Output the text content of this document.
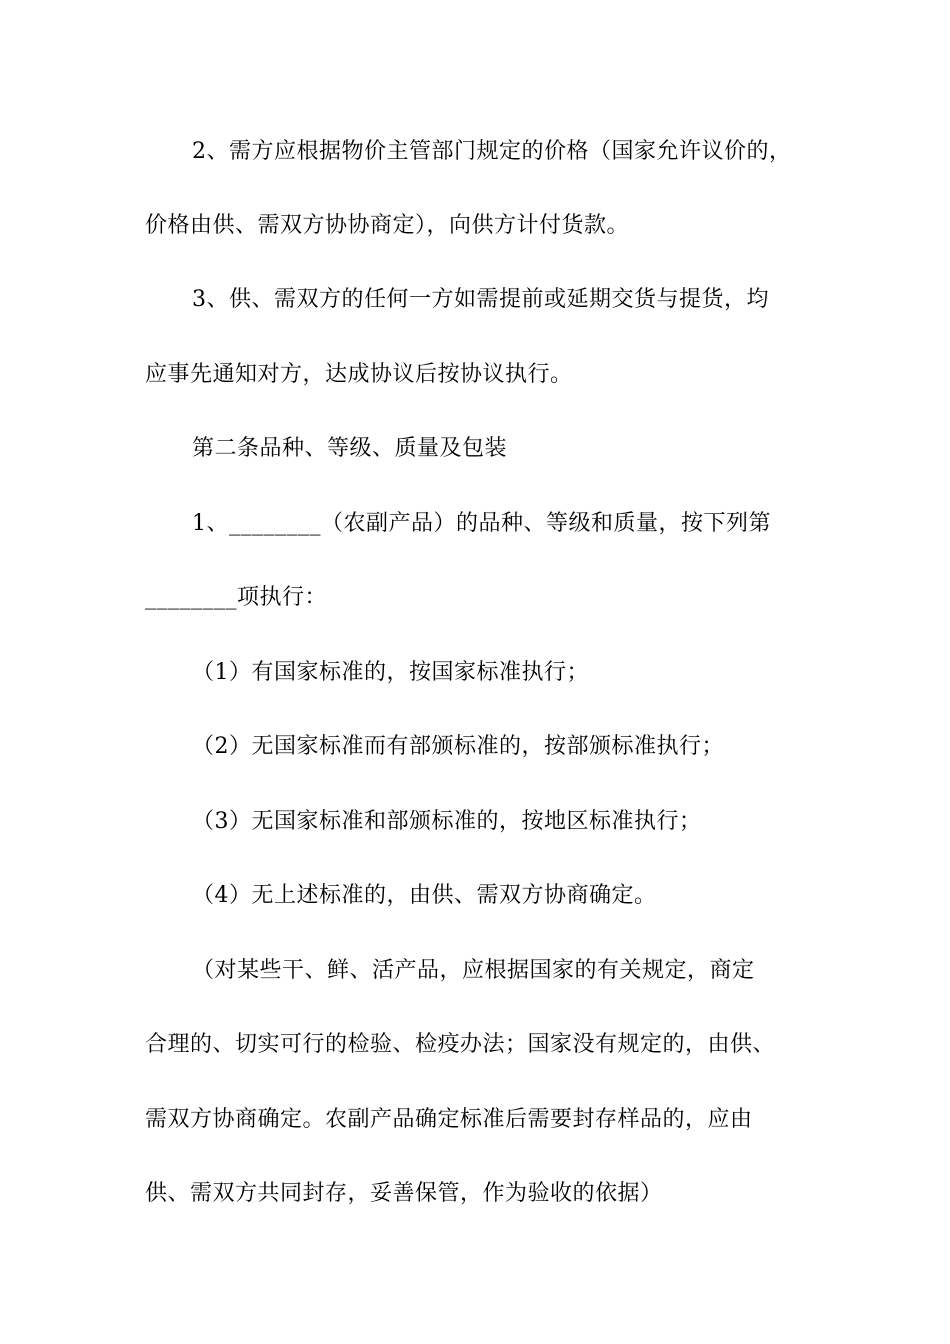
2、需方应根据物价主管部门规定的价格（国家允许议价的，
价格由供、需双方协协商定），向供方计付货款。
3、供、需双方的任何一方如需提前或延期交货与提货，均
应事先通知对方，达成协议后按协议执行。
第二条品种、等级、质量及包装
1、________（农副产品）的品种、等级和质量，按下列第
________项执行：
（1）有国家标准的，按国家标准执行；
（2）无国家标准而有部颁标准的，按部颁标准执行；
（3）无国家标准和部颁标准的，按地区标准执行；
（4）无上述标准的，由供、需双方协商确定。
（对某些干、鲜、活产品，应根据国家的有关规定，商定
合理的、切实可行的检验、检疫办法；国家没有规定的，由供、
需双方协商确定。农副产品确定标准后需要封存样品的，应由
供、需双方共同封存，妥善保管，作为验收的依据）
